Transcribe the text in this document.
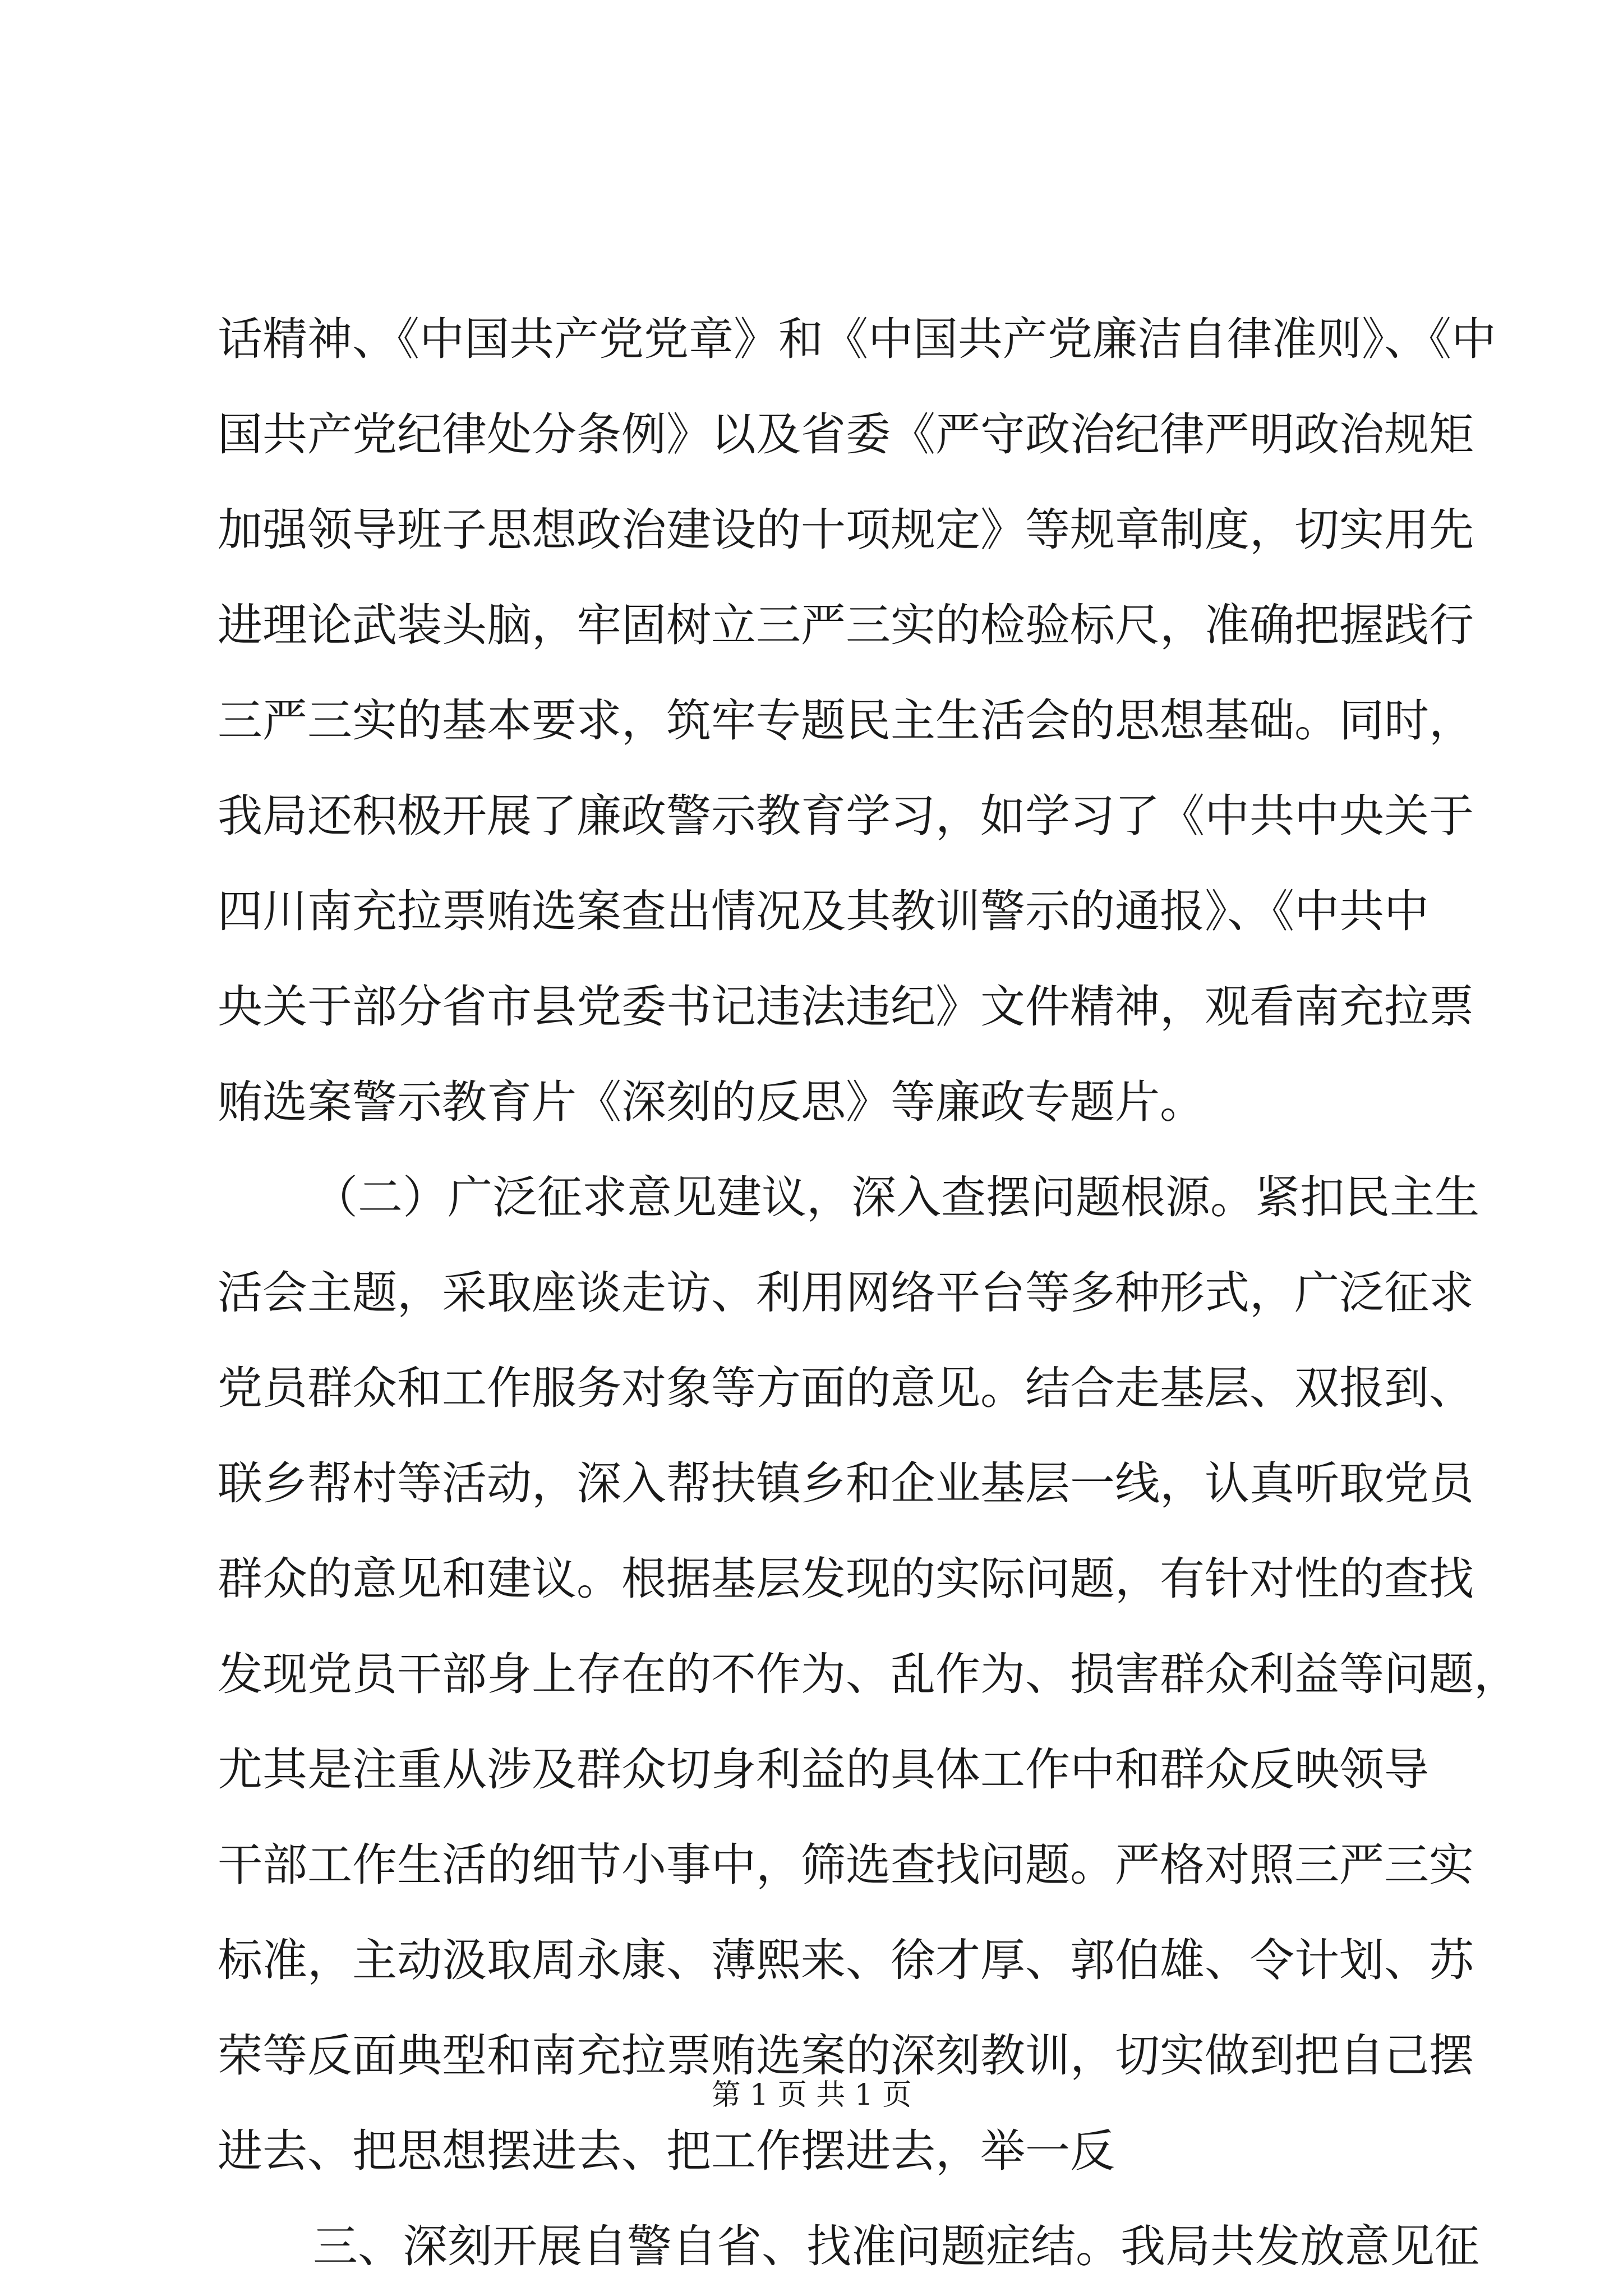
话精神、《中国共产党党章》和《中国共产党廉洁自律准则》、《中
国共产党纪律处分条例》以及省委《严守政治纪律严明政治规矩
加强领导班子思想政治建设的十项规定》等规章制度，切实用先
进理论武装头脑，牢固树立三严三实的检验标尺，准确把握践行
三严三实的基本要求，筑牢专题民主生活会的思想基础。同时，
我局还积极开展了廉政警示教育学习，如学习了《中共中央关于
四川南充拉票贿选案查出情况及其教训警示的通报》、《中共中
央关于部分省市县党委书记违法违纪》文件精神，观看南充拉票
贿选案警示教育片《深刻的反思》等廉政专题片。
（二）广泛征求意见建议，深入查摆问题根源。紧扣民主生
活会主题，采取座谈走访、利用网络平台等多种形式，广泛征求
党员群众和工作服务对象等方面的意见。结合走基层、双报到、
联乡帮村等活动，深入帮扶镇乡和企业基层一线，认真听取党员
群众的意见和建议。根据基层发现的实际问题，有针对性的查找
发现党员干部身上存在的不作为、乱作为、损害群众利益等问题，
尤其是注重从涉及群众切身利益的具体工作中和群众反映领导
干部工作生活的细节小事中，筛选查找问题。严格对照三严三实
标准，主动汲取周永康、薄熙来、徐才厚、郭伯雄、令计划、苏
荣等反面典型和南充拉票贿选案的深刻教训，切实做到把自己摆
进去、把思想摆进去、把工作摆进去，举一反
三、深刻开展自警自省、找准问题症结。我局共发放意见征
第 1 页 共 1 页
